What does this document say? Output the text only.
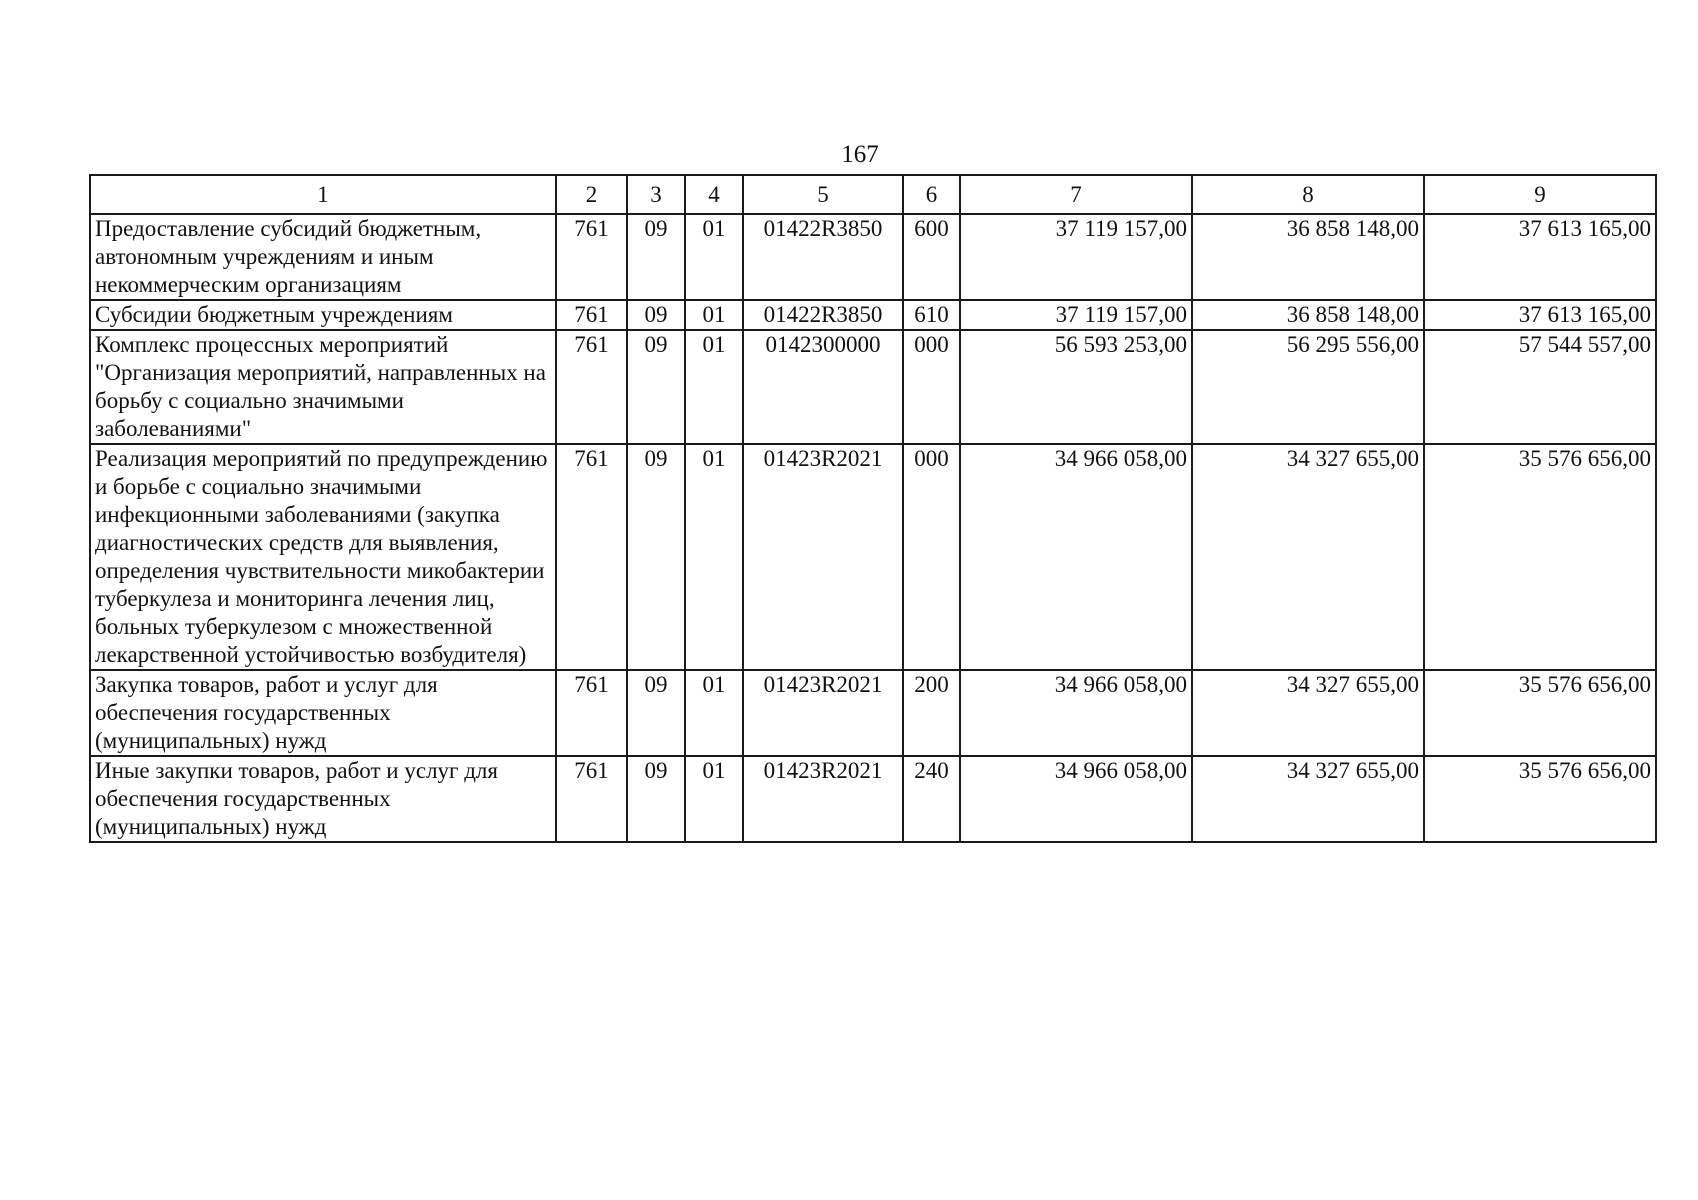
167
1	2	3	4	5	6	7	8	9
Предоставление субсидий бюджетным, автономным учреждениям и иным некоммерческим организациям	761	09	01	01422R3850	600	37 119 157,00	36 858 148,00	37 613 165,00
Субсидии бюджетным учреждениям	761	09	01	01422R3850	610	37 119 157,00	36 858 148,00	37 613 165,00
Комплекс процессных мероприятий "Организация мероприятий, направленных на борьбу с социально значимыми заболеваниями"	761	09	01	0142300000	000	56 593 253,00	56 295 556,00	57 544 557,00
Реализация мероприятий по предупреждению и борьбе с социально значимыми инфекционными заболеваниями (закупка диагностических средств для выявления, определения чувствительности микобактерии туберкулеза и мониторинга лечения лиц, больных туберкулезом с множественной лекарственной устойчивостью возбудителя)	761	09	01	01423R2021	000	34 966 058,00	34 327 655,00	35 576 656,00
Закупка товаров, работ и услуг для обеспечения государственных (муниципальных) нужд	761	09	01	01423R2021	200	34 966 058,00	34 327 655,00	35 576 656,00
Иные закупки товаров, работ и услуг для обеспечения государственных (муниципальных) нужд	761	09	01	01423R2021	240	34 966 058,00	34 327 655,00	35 576 656,00
